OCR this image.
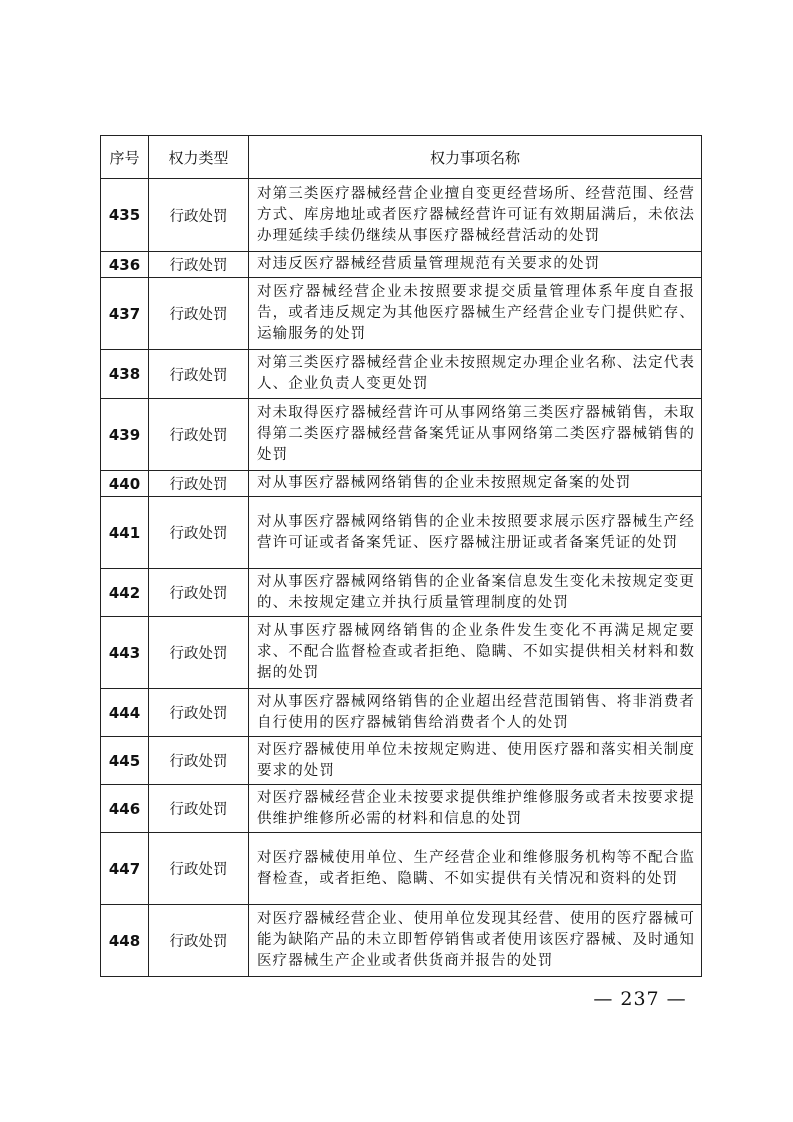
序号	权力类型	权力事项名称
435	行政处罚	对第三类医疗器械经营企业擅自变更经营场所、经营范围、经营方式、库房地址或者医疗器械经营许可证有效期届满后，未依法办理延续手续仍继续从事医疗器械经营活动的处罚
436	行政处罚	对违反医疗器械经营质量管理规范有关要求的处罚
437	行政处罚	对医疗器械经营企业未按照要求提交质量管理体系年度自查报告，或者违反规定为其他医疗器械生产经营企业专门提供贮存、运输服务的处罚
438	行政处罚	对第三类医疗器械经营企业未按照规定办理企业名称、法定代表人、企业负责人变更处罚
439	行政处罚	对未取得医疗器械经营许可从事网络第三类医疗器械销售，未取得第二类医疗器械经营备案凭证从事网络第二类医疗器械销售的处罚
440	行政处罚	对从事医疗器械网络销售的企业未按照规定备案的处罚
441	行政处罚	对从事医疗器械网络销售的企业未按照要求展示医疗器械生产经营许可证或者备案凭证、医疗器械注册证或者备案凭证的处罚
442	行政处罚	对从事医疗器械网络销售的企业备案信息发生变化未按规定变更的、未按规定建立并执行质量管理制度的处罚
443	行政处罚	对从事医疗器械网络销售的企业条件发生变化不再满足规定要求、不配合监督检查或者拒绝、隐瞒、不如实提供相关材料和数据的处罚
444	行政处罚	对从事医疗器械网络销售的企业超出经营范围销售、将非消费者自行使用的医疗器械销售给消费者个人的处罚
445	行政处罚	对医疗器械使用单位未按规定购进、使用医疗器和落实相关制度要求的处罚
446	行政处罚	对医疗器械经营企业未按要求提供维护维修服务或者未按要求提供维护维修所必需的材料和信息的处罚
447	行政处罚	对医疗器械使用单位、生产经营企业和维修服务机构等不配合监督检查，或者拒绝、隐瞒、不如实提供有关情况和资料的处罚
448	行政处罚	对医疗器械经营企业、使用单位发现其经营、使用的医疗器械可能为缺陷产品的未立即暂停销售或者使用该医疗器械、及时通知医疗器械生产企业或者供货商并报告的处罚
— 237 —
